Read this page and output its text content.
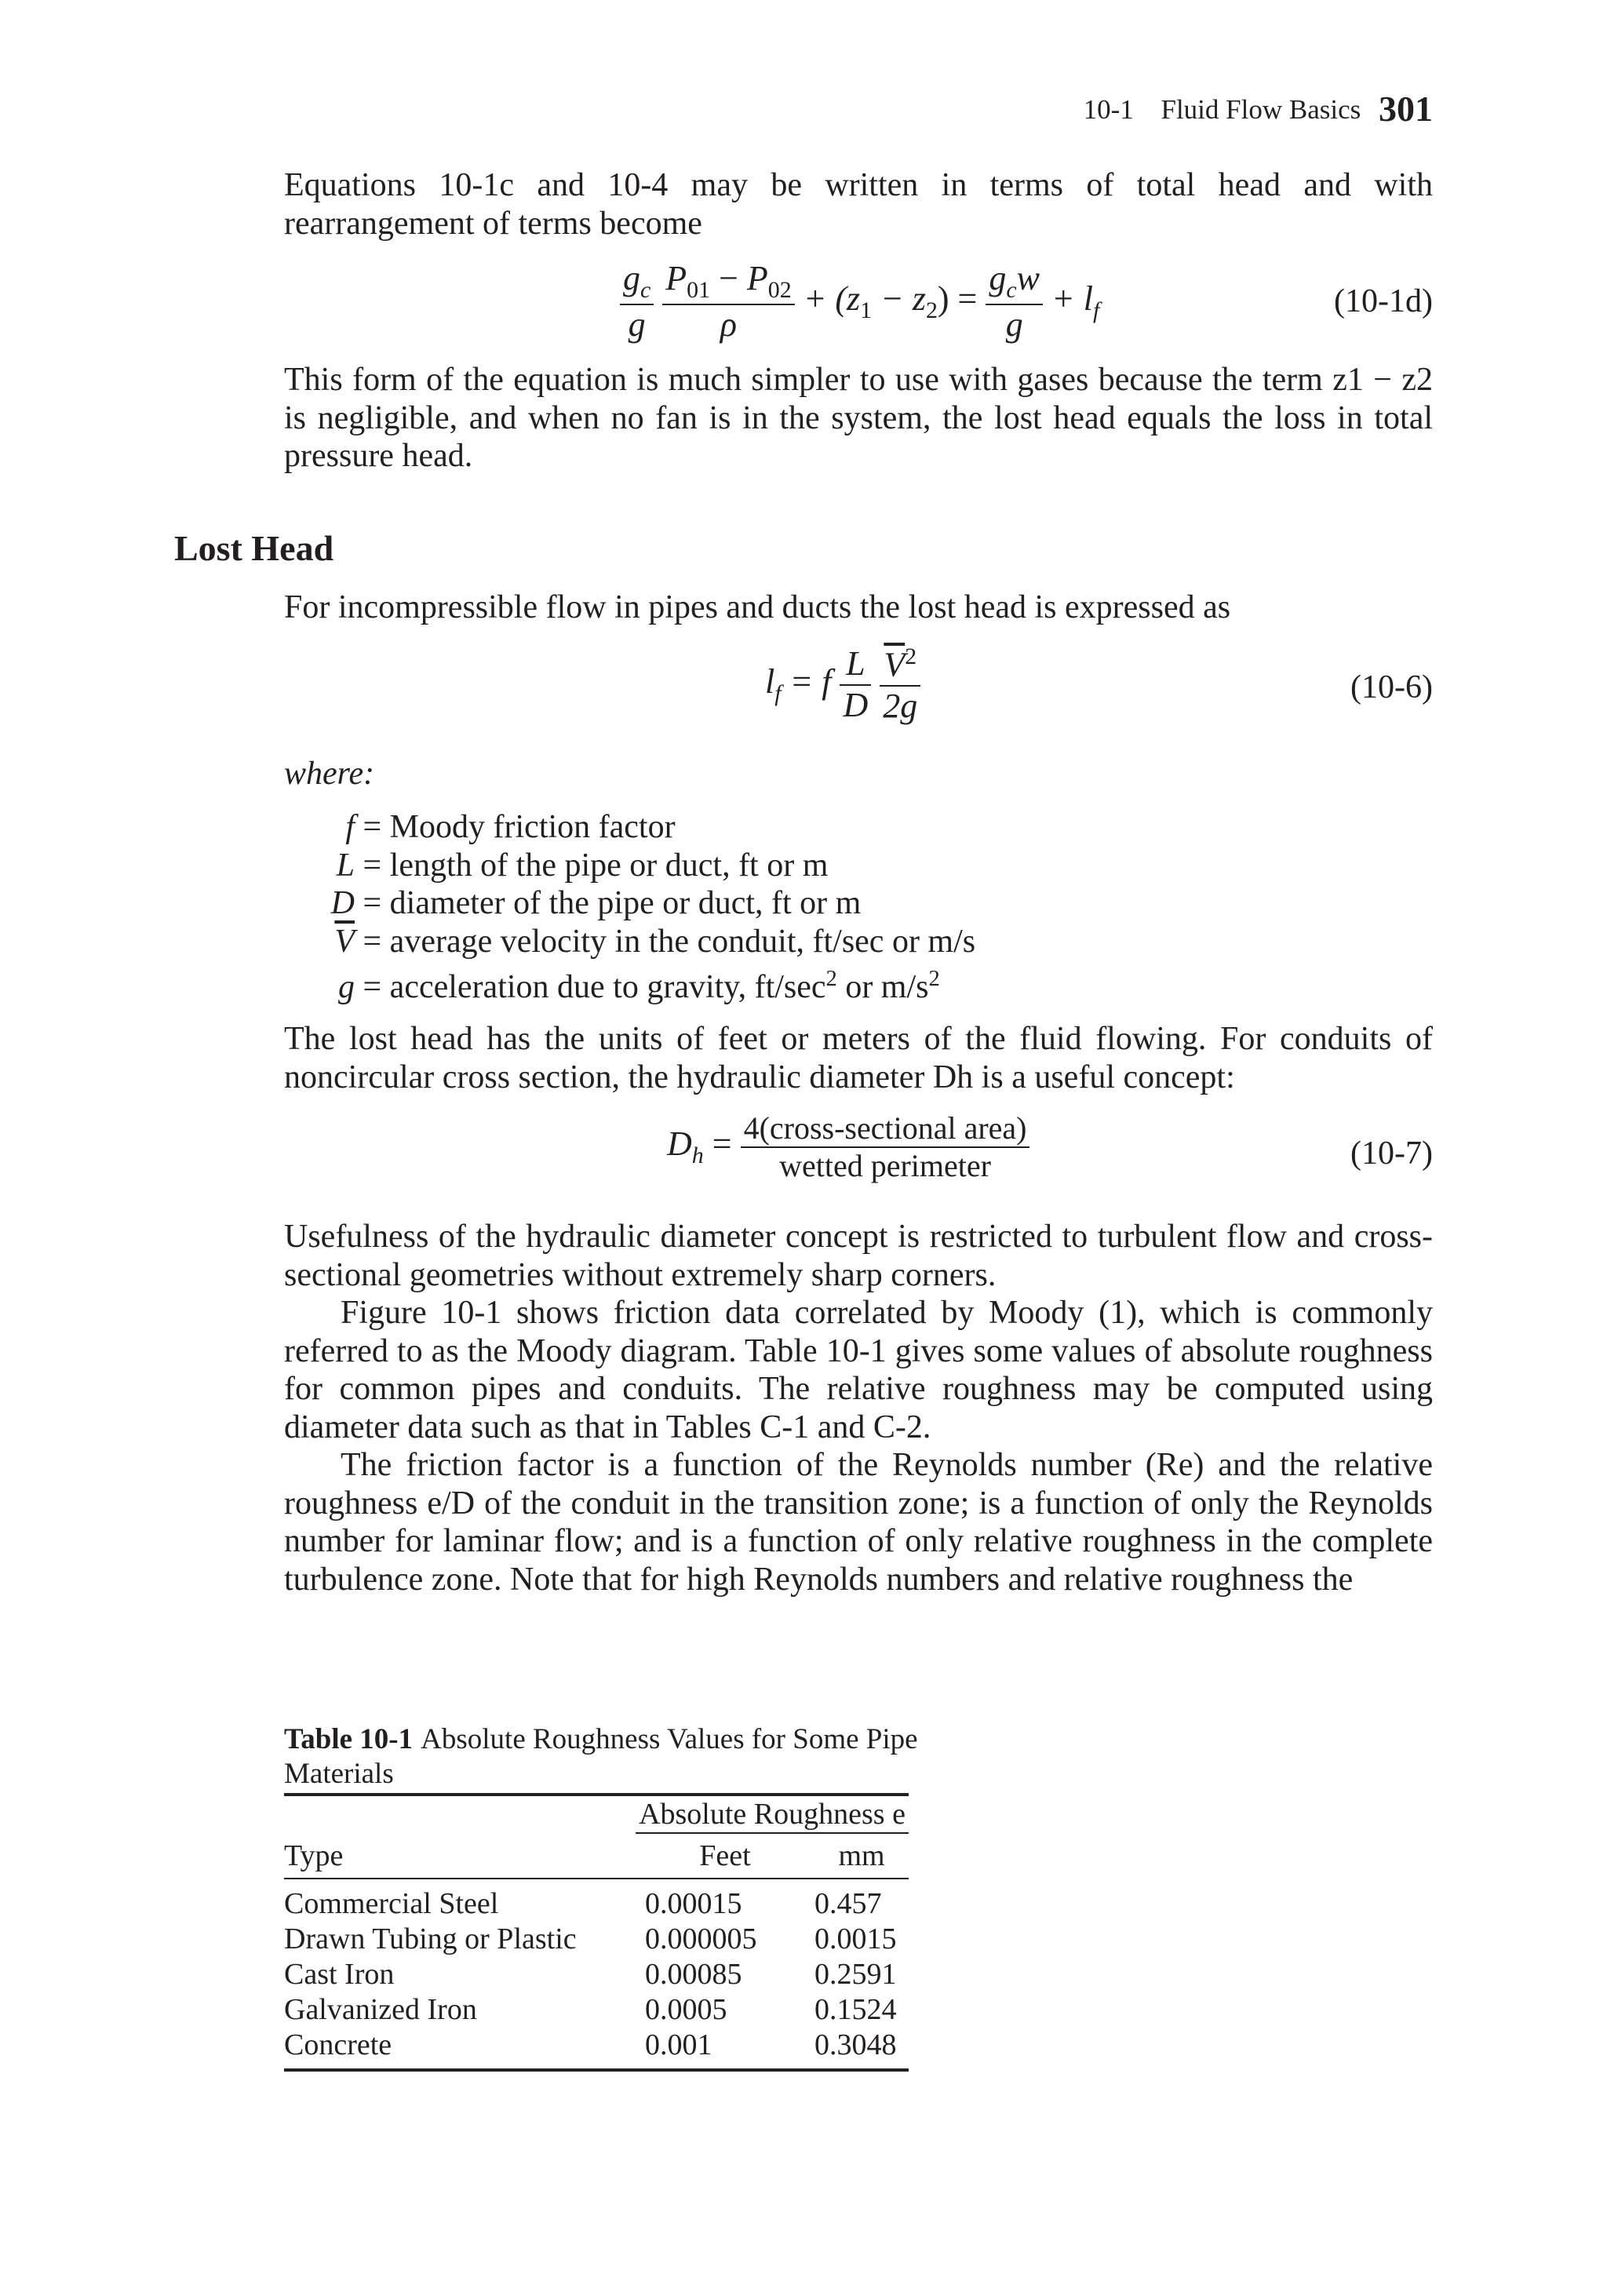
10-1 Fluid Flow Basics 301
Equations 10-1c and 10-4 may be written in terms of total head and with rearrangement of terms become
$\frac{g_c}{g}$
$\frac{P_{01} - P_{02}}{\rho} + (z_1 - z_2) = \frac{g_cw}{g} + l_f$	(10-1d)
This form of the equation is much simpler to use with gases because the term z1 − z2 is negligible, and when no fan is in the system, the lost head equals the loss in total pressure head.
Lost Head
For incompressible flow in pipes and ducts the lost head is expressed as
$l_f = f \frac{L}{D}$
$\frac{\overline{V}^2}{2g}$	(10-6)
where:
f = Moody friction factor
L = length of the pipe or duct, ft or m
D = diameter of the pipe or duct, ft or m
$\overline{V}$ = average velocity in the conduit, ft/sec or m/s
g = acceleration due to gravity, $ft/\sec^2$ or $m/s^2$
The lost head has the units of feet or meters of the fluid flowing. For conduits of noncircular cross section, the hydraulic diameter Dh is a useful concept:
$D_h = \frac{\text{4(cross-sectional area)}}{\text{wetted perimeter}}$	(10-7)
Usefulness of the hydraulic diameter concept is restricted to turbulent flow and cross-sectional geometries without extremely sharp corners.
Figure 10-1 shows friction data correlated by Moody (1), which is commonly referred to as the Moody diagram. Table 10-1 gives some values of absolute roughness for common pipes and conduits. The relative roughness may be computed using diameter data such as that in Tables C-1 and C-2.
The friction factor is a function of the Reynolds number (Re) and the relative roughness e/D of the conduit in the transition zone; is a function of only the Reynolds number for laminar flow; and is a function of only relative roughness in the complete turbulence zone. Note that for high Reynolds numbers and relative roughness the
Table 10-1 Absolute Roughness Values for Some Pipe Materials
	Absolute Roughness e	
Type	Feet	mm
Commercial Steel	0.00015	0.457
Drawn Tubing or Plastic	0.000005	0.0015
Cast Iron	0.00085	0.2591
Galvanized Iron	0.0005	0.1524
Concrete	0.001	0.3048
